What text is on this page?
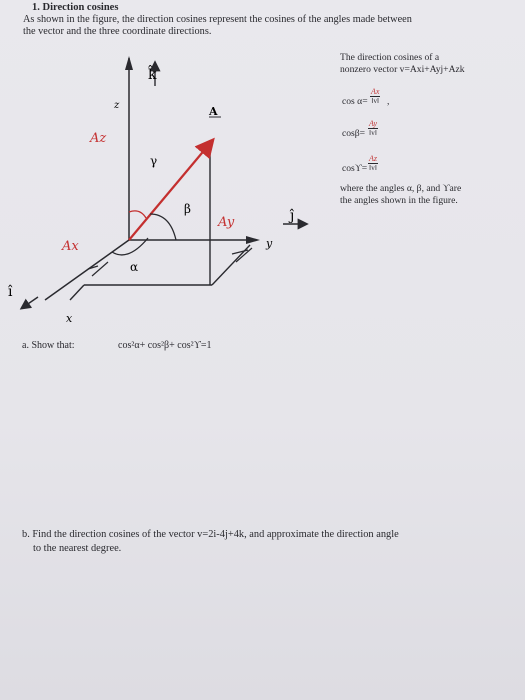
1. Direction cosines
As shown in the figure, the direction cosines represent the cosines of the angles made between
the vector and the three coordinate directions.
The direction cosines of a
nonzero vector v=Axi+Ayj+Azk
$\cos \alpha= \frac{Ax}{‖v‖}$ ,
$\cos\beta= \frac{Ay}{‖v‖}$
$\cos ϒ= \frac{Az}{‖v‖}$
where the angles α, β, and ϒare
the angles shown in the figure.
k̂
ĵ
î
z
y
x
A
Az
Ay
Ax
γ
β
α
a. Show that:	cos²α+ cos²β+ cos²ϒ=1
b. Find the direction cosines of the vector v=2i-4j+4k, and approximate the direction angle
to the nearest degree.
